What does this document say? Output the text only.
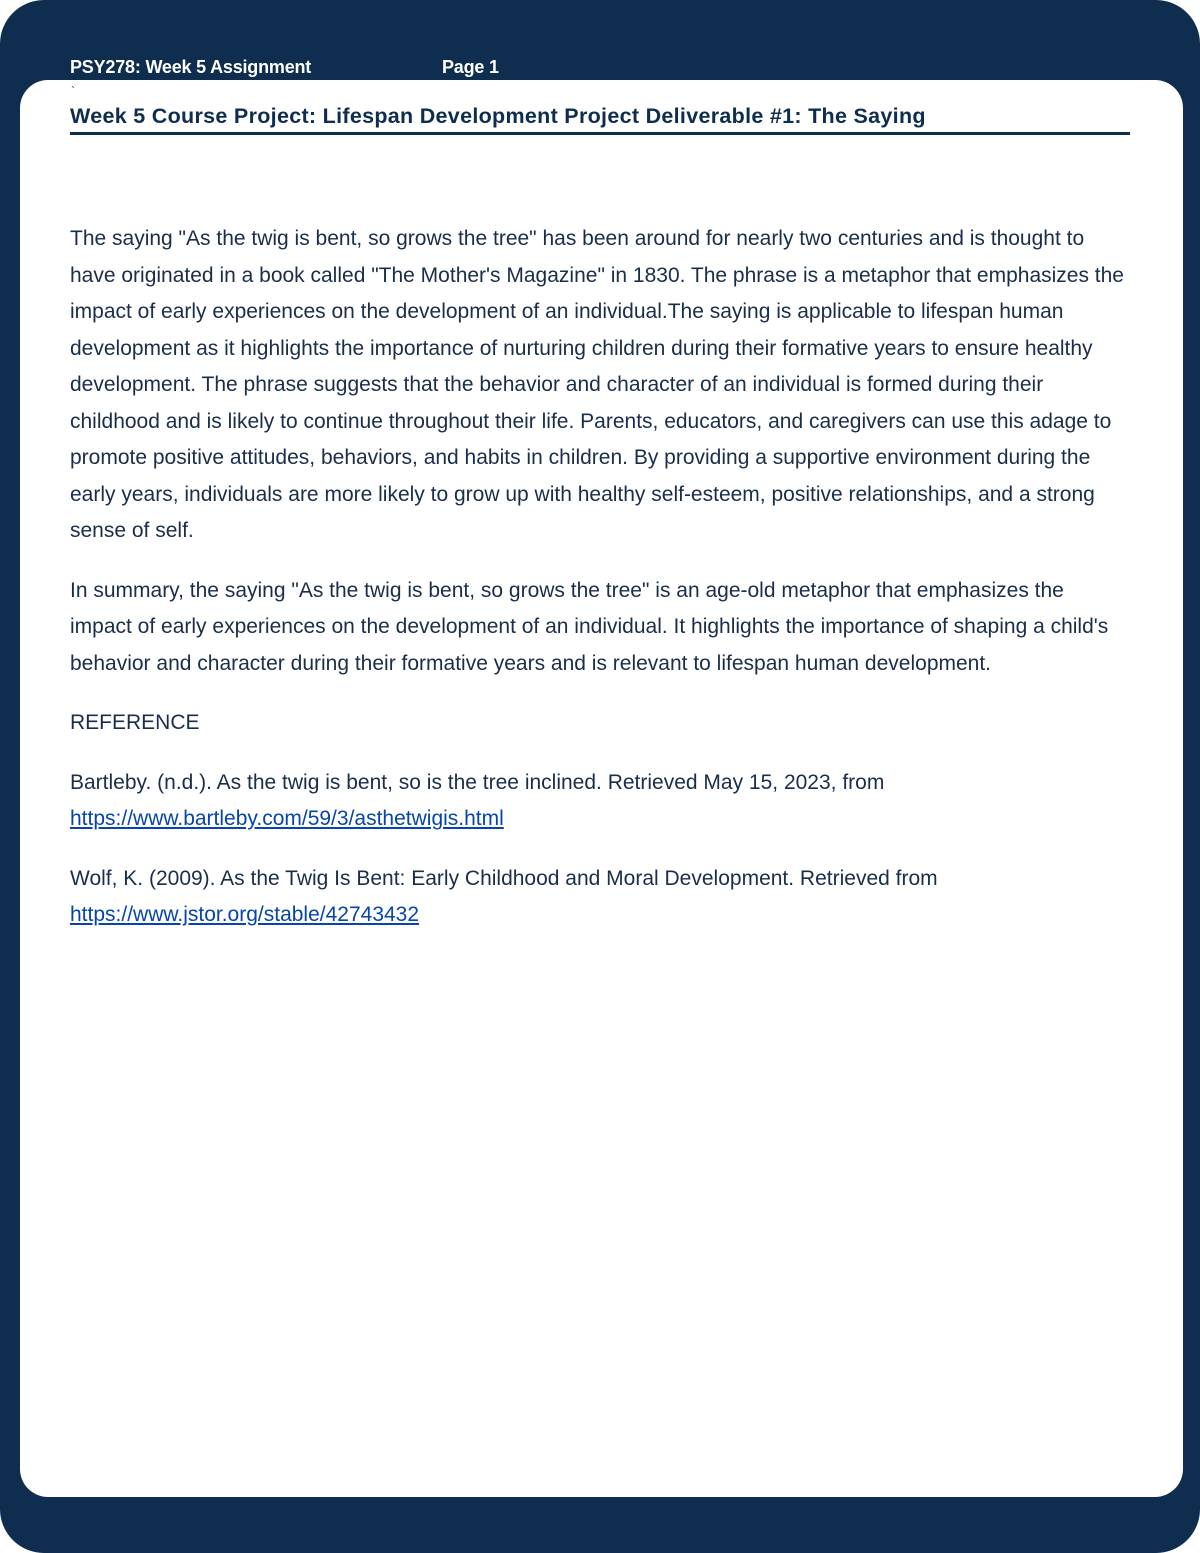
PSY278: Week 5 Assignment	Page 1
`
Week 5 Course Project: Lifespan Development Project Deliverable #1: The Saying

The saying "As the twig is bent, so grows the tree" has been around for nearly two centuries and is thought to have originated in a book called "The Mother's Magazine" in 1830. The phrase is a metaphor that emphasizes the impact of early experiences on the development of an individual.The saying is applicable to lifespan human development as it highlights the importance of nurturing children during their formative years to ensure healthy development. The phrase suggests that the behavior and character of an individual is formed during their childhood and is likely to continue throughout their life. Parents, educators, and caregivers can use this adage to promote positive attitudes, behaviors, and habits in children. By providing a supportive environment during the early years, individuals are more likely to grow up with healthy self-esteem, positive relationships, and a strong sense of self.

In summary, the saying "As the twig is bent, so grows the tree" is an age-old metaphor that emphasizes the impact of early experiences on the development of an individual. It highlights the importance of shaping a child's behavior and character during their formative years and is relevant to lifespan human development.

REFERENCE

Bartleby. (n.d.). As the twig is bent, so is the tree inclined. Retrieved May 15, 2023, from
https://www.bartleby.com/59/3/asthetwigis.html

Wolf, K. (2009). As the Twig Is Bent: Early Childhood and Moral Development. Retrieved from
https://www.jstor.org/stable/42743432
